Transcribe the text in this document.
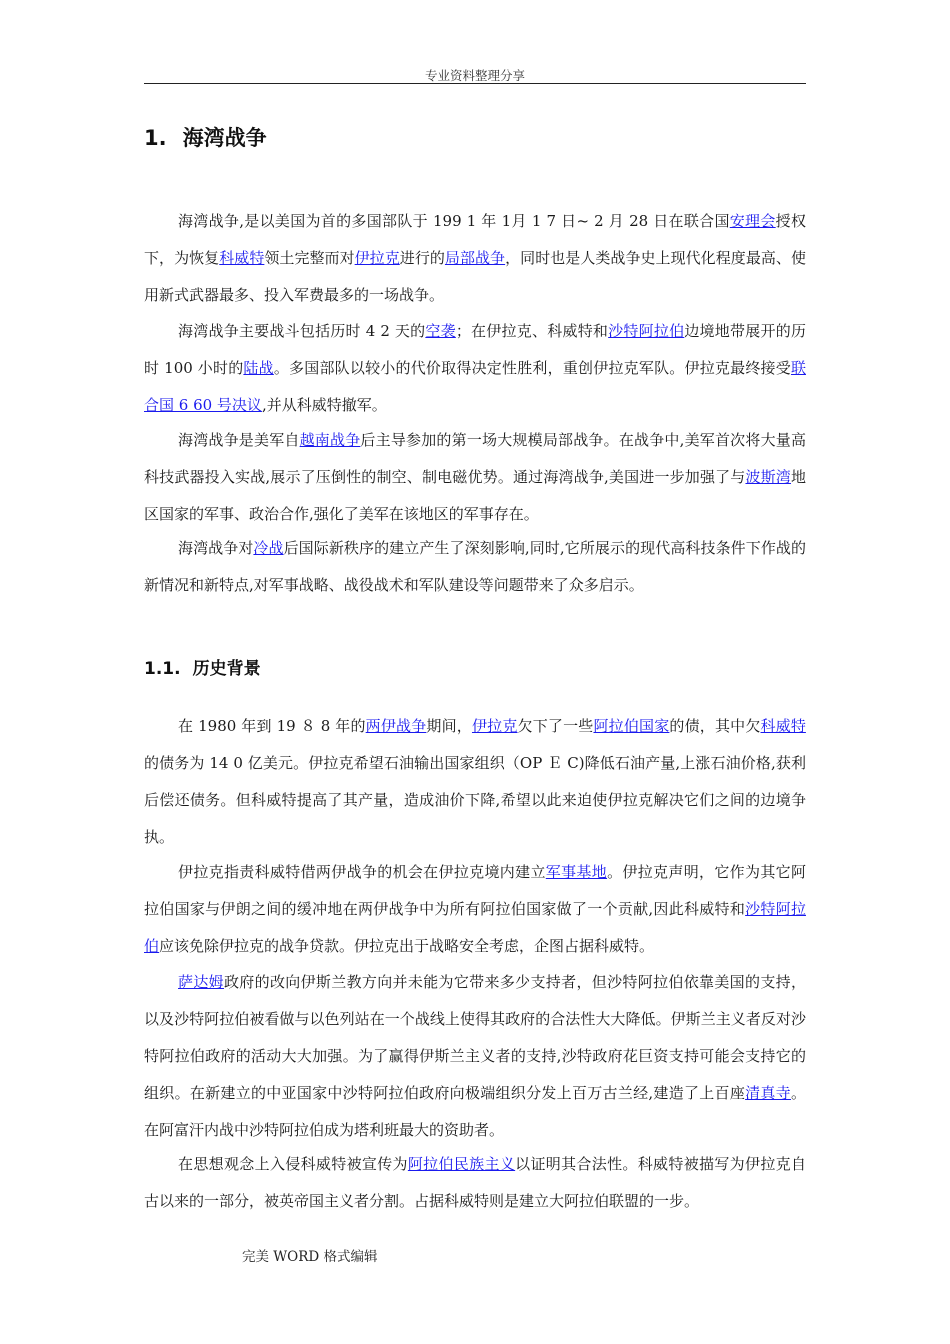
专业资料整理分享
1. 海湾战争

海湾战争,是以美国为首的多国部队于 199 1 年 1月 1 7 日~ 2 月 28 日在联合国安理会授权下，为恢复科威特领土完整而对伊拉克进行的局部战争，同时也是人类战争史上现代化程度最高、使用新式武器最多、投入军费最多的一场战争。

海湾战争主要战斗包括历时 4 2 天的空袭；在伊拉克、科威特和沙特阿拉伯边境地带展开的历时 100 小时的陆战。多国部队以较小的代价取得决定性胜利，重创伊拉克军队。伊拉克最终接受联合国 6 60 号决议,并从科威特撤军。

海湾战争是美军自越南战争后主导参加的第一场大规模局部战争。在战争中,美军首次将大量高科技武器投入实战,展示了压倒性的制空、制电磁优势。通过海湾战争,美国进一步加强了与波斯湾地区国家的军事、政治合作,强化了美军在该地区的军事存在。

海湾战争对冷战后国际新秩序的建立产生了深刻影响,同时,它所展示的现代高科技条件下作战的新情况和新特点,对军事战略、战役战术和军队建设等问题带来了众多启示。

1.1. 历史背景

在 1980 年到 19 ８ 8 年的两伊战争期间，伊拉克欠下了一些阿拉伯国家的债，其中欠科威特的债务为 14 0 亿美元。伊拉克希望石油输出国家组织（OP Ｅ C)降低石油产量,上涨石油价格,获利后偿还债务。但科威特提高了其产量，造成油价下降,希望以此来迫使伊拉克解决它们之间的边境争执。

伊拉克指责科威特借两伊战争的机会在伊拉克境内建立军事基地。伊拉克声明，它作为其它阿拉伯国家与伊朗之间的缓冲地在两伊战争中为所有阿拉伯国家做了一个贡献,因此科威特和沙特阿拉伯应该免除伊拉克的战争贷款。伊拉克出于战略安全考虑，企图占据科威特。

萨达姆政府的改向伊斯兰教方向并未能为它带来多少支持者，但沙特阿拉伯依靠美国的支持，以及沙特阿拉伯被看做与以色列站在一个战线上使得其政府的合法性大大降低。伊斯兰主义者反对沙特阿拉伯政府的活动大大加强。为了赢得伊斯兰主义者的支持,沙特政府花巨资支持可能会支持它的组织。在新建立的中亚国家中沙特阿拉伯政府向极端组织分发上百万古兰经,建造了上百座清真寺。在阿富汗内战中沙特阿拉伯成为塔利班最大的资助者。

在思想观念上入侵科威特被宣传为阿拉伯民族主义以证明其合法性。科威特被描写为伊拉克自古以来的一部分，被英帝国主义者分割。占据科威特则是建立大阿拉伯联盟的一步。

完美 WORD 格式编辑
